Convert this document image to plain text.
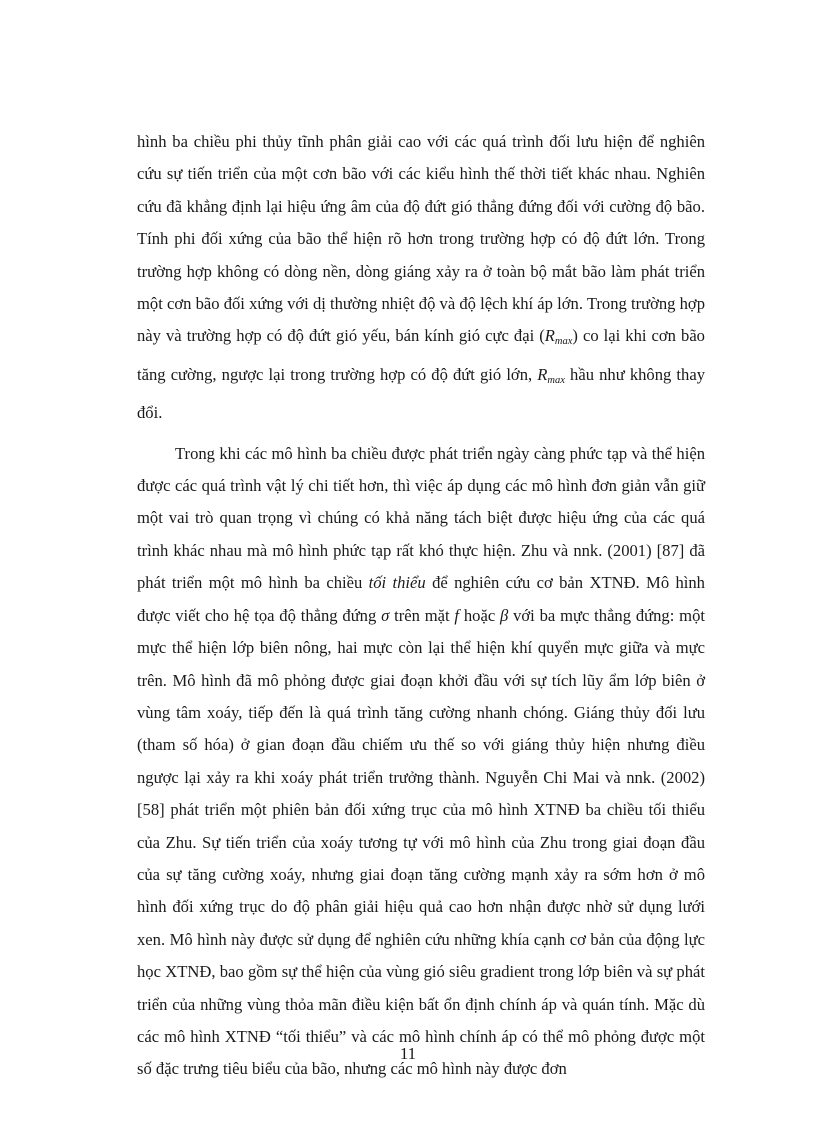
hình ba chiều phi thủy tĩnh phân giải cao với các quá trình đối lưu hiện để nghiên cứu sự tiến triển của một cơn bão với các kiểu hình thế thời tiết khác nhau. Nghiên cứu đã khẳng định lại hiệu ứng âm của độ đứt gió thẳng đứng đối với cường độ bão. Tính phi đối xứng của bão thể hiện rõ hơn trong trường hợp có độ đứt lớn. Trong trường hợp không có dòng nền, dòng giáng xảy ra ở toàn bộ mắt bão làm phát triển một cơn bão đối xứng với dị thường nhiệt độ và độ lệch khí áp lớn. Trong trường hợp này và trường hợp có độ đứt gió yếu, bán kính gió cực đại $(R_{max})$ co lại khi cơn bão tăng cường, ngược lại trong trường hợp có độ đứt gió lớn, $R_{max}$ hầu như không thay đổi.

Trong khi các mô hình ba chiều được phát triển ngày càng phức tạp và thể hiện được các quá trình vật lý chi tiết hơn, thì việc áp dụng các mô hình đơn giản vẫn giữ một vai trò quan trọng vì chúng có khả năng tách biệt được hiệu ứng của các quá trình khác nhau mà mô hình phức tạp rất khó thực hiện. Zhu và nnk. (2001) [87] đã phát triển một mô hình ba chiều tối thiểu để nghiên cứu cơ bản XTNĐ. Mô hình được viết cho hệ tọa độ thẳng đứng σ trên mặt f hoặc β với ba mực thẳng đứng: một mực thể hiện lớp biên nông, hai mực còn lại thể hiện khí quyển mực giữa và mực trên. Mô hình đã mô phỏng được giai đoạn khởi đầu với sự tích lũy ẩm lớp biên ở vùng tâm xoáy, tiếp đến là quá trình tăng cường nhanh chóng. Giáng thủy đối lưu (tham số hóa) ở gian đoạn đầu chiếm ưu thế so với giáng thủy hiện nhưng điều ngược lại xảy ra khi xoáy phát triển trưởng thành. Nguyễn Chi Mai và nnk. (2002) [58] phát triển một phiên bản đối xứng trục của mô hình XTNĐ ba chiều tối thiểu của Zhu. Sự tiến triển của xoáy tương tự với mô hình của Zhu trong giai đoạn đầu của sự tăng cường xoáy, nhưng giai đoạn tăng cường mạnh xảy ra sớm hơn ở mô hình đối xứng trục do độ phân giải hiệu quả cao hơn nhận được nhờ sử dụng lưới xen. Mô hình này được sử dụng để nghiên cứu những khía cạnh cơ bản của động lực học XTNĐ, bao gồm sự thể hiện của vùng gió siêu gradient trong lớp biên và sự phát triển của những vùng thỏa mãn điều kiện bất ổn định chính áp và quán tính. Mặc dù các mô hình XTNĐ “tối thiểu” và các mô hình chính áp có thể mô phỏng được một số đặc trưng tiêu biểu của bão, nhưng các mô hình này được đơn

11
